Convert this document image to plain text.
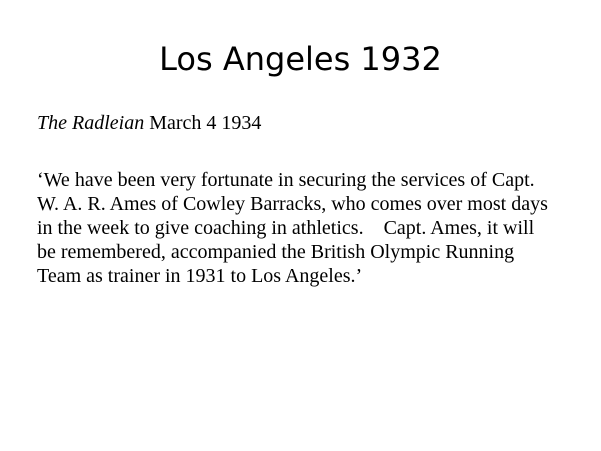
Los Angeles 1932
The Radleian March 4 1934
‘We have been very fortunate in securing the services of Capt.
W. A. R. Ames of Cowley Barracks, who comes over most days
in the week to give coaching in athletics.    Capt. Ames, it will
be remembered, accompanied the British Olympic Running
Team as trainer in 1931 to Los Angeles.’
